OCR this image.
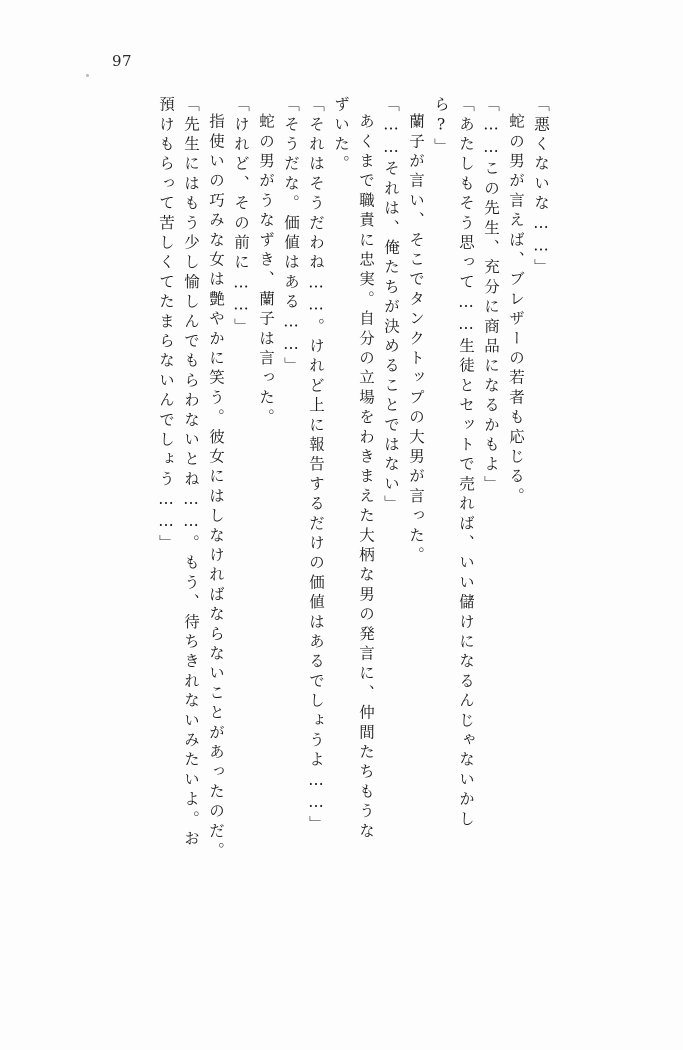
97
「悪くないな……」
蛇の男が言えば、ブレザーの若者も応じる。
「……この先生、充分に商品になるかもよ」
「あたしもそう思って……生徒とセットで売れば、いい儲けになるんじゃないかし
ら?」
蘭子が言い、そこでタンクトップの大男が言った。
「……それは、俺たちが決めることではない」
あくまで職責に忠実。自分の立場をわきまえた大柄な男の発言に、仲間たちもうな
ずいた。
「それはそうだわね……。けれど上に報告するだけの価値はあるでしょうよ……」
「そうだな。価値はある……」
蛇の男がうなずき、蘭子は言った。
「けれど、その前に……」
指使いの巧みな女は艶やかに笑う。彼女にはしなければならないことがあったのだ。
「先生にはもう少し愉しんでもらわないとね……。もう、待ちきれないみたいよ。お
預けもらって苦しくてたまらないんでしょう……」
